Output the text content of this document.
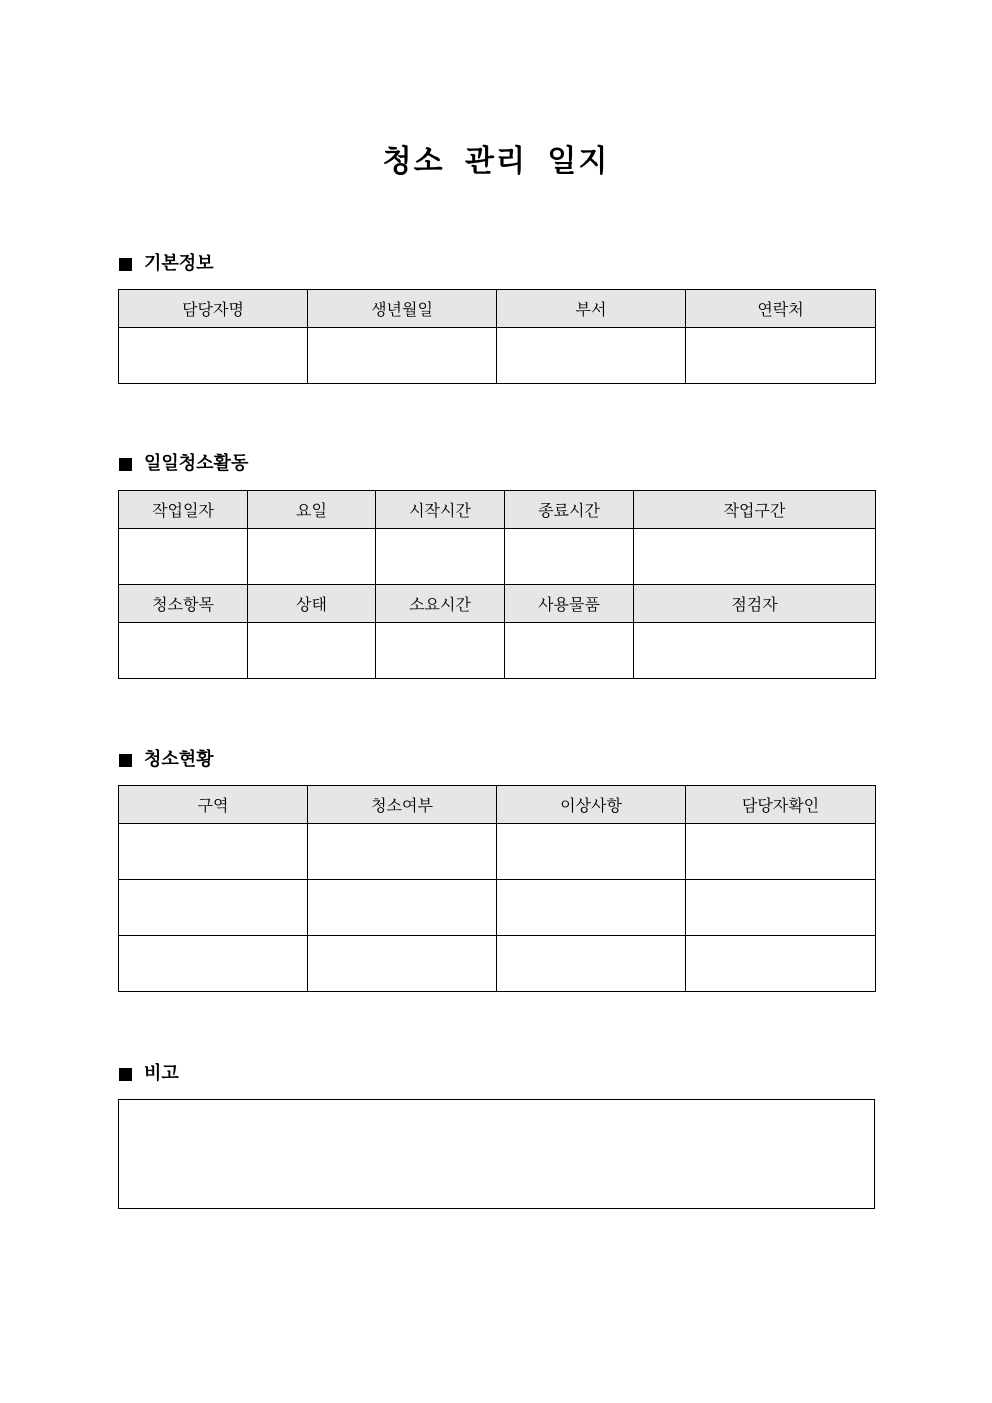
청소 관리 일지
기본정보
담당자명	생년월일	부서	연락처

일일청소활동
작업일자	요일	시작시간	종료시간	작업구간

청소항목	상태	소요시간	사용물품	점검자

청소현황
구역	청소여부	이상사항	담당자확인

비고
